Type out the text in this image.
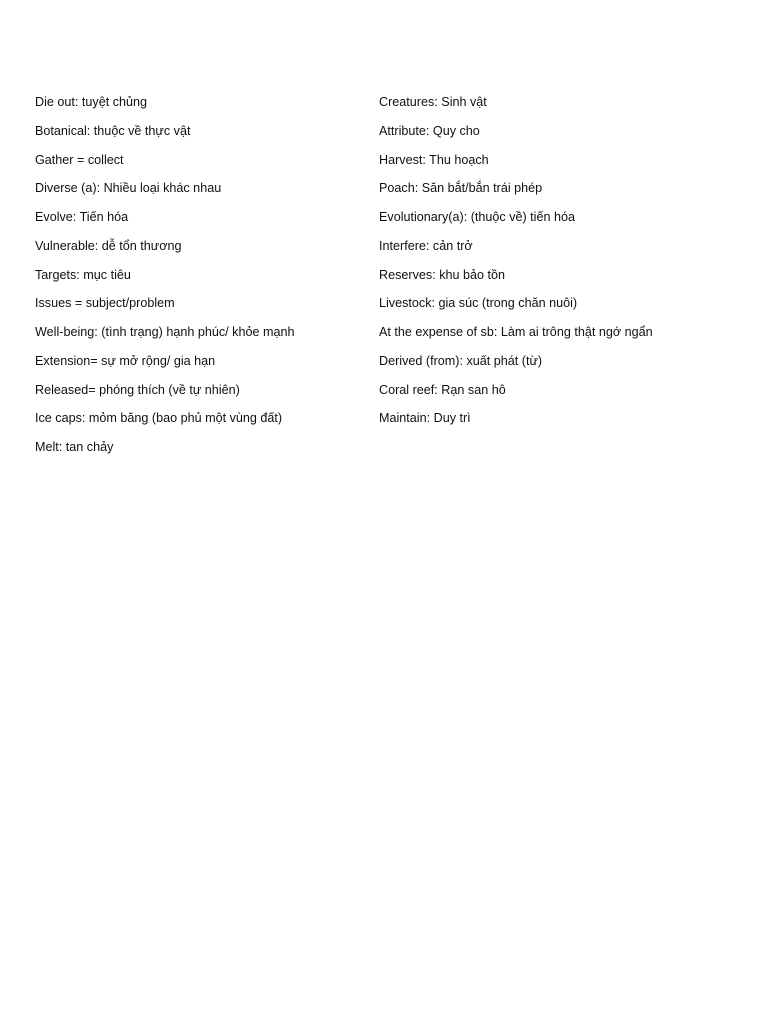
Die out: tuyệt chủng
Botanical: thuộc về thực vật
Gather = collect
Diverse (a): Nhiều loại khác nhau
Evolve: Tiến hóa
Vulnerable: dễ tổn thương
Targets: mục tiêu
Issues = subject/problem
Well-being: (tình trạng) hạnh phúc/ khỏe mạnh
Extension= sự mở rộng/ gia hạn
Released= phóng thích (về tự nhiên)
Ice caps: mỏm băng (bao phủ một vùng đất)
Melt: tan chảy
Creatures: Sinh vật
Attribute: Quy cho
Harvest: Thu hoạch
Poach: Săn bắt/bắn trái phép
Evolutionary(a): (thuộc về) tiến hóa
Interfere: cản trở
Reserves: khu bảo tồn
Livestock: gia súc (trong chăn nuôi)
At the expense of sb: Làm ai trông thật ngớ ngẩn
Derived (from): xuất phát (từ)
Coral reef: Rạn san hô
Maintain: Duy trì
